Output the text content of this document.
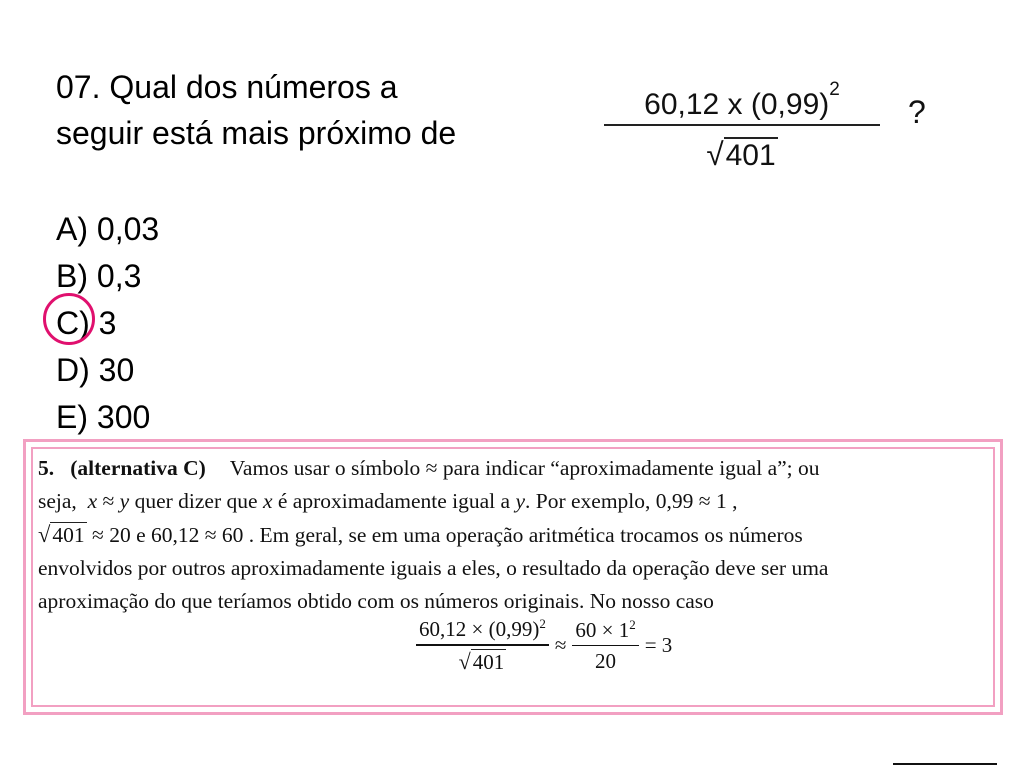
07. Qual dos números a
seguir está mais próximo de
60,12 x $(0,99)^2$
√401
?
A) 0,03
B) 0,3
C) 3
D) 30
E) 300
5. (alternativa C) Vamos usar o símbolo ≈ para indicar “aproximadamente igual a”; ou
seja, x ≈ y quer dizer que x é aproximadamente igual a y. Por exemplo, 0,99 ≈ 1 ,
√401 ≈ 20 e 60,12 ≈ 60 . Em geral, se em uma operação aritmética trocamos os números
envolvidos por outros aproximadamente iguais a eles, o resultado da operação deve ser uma
aproximação do que teríamos obtido com os números originais. No nosso caso
$60,12 \times (0,99)^2$
√401
≈
$60 \times 1^2$
20
= 3
